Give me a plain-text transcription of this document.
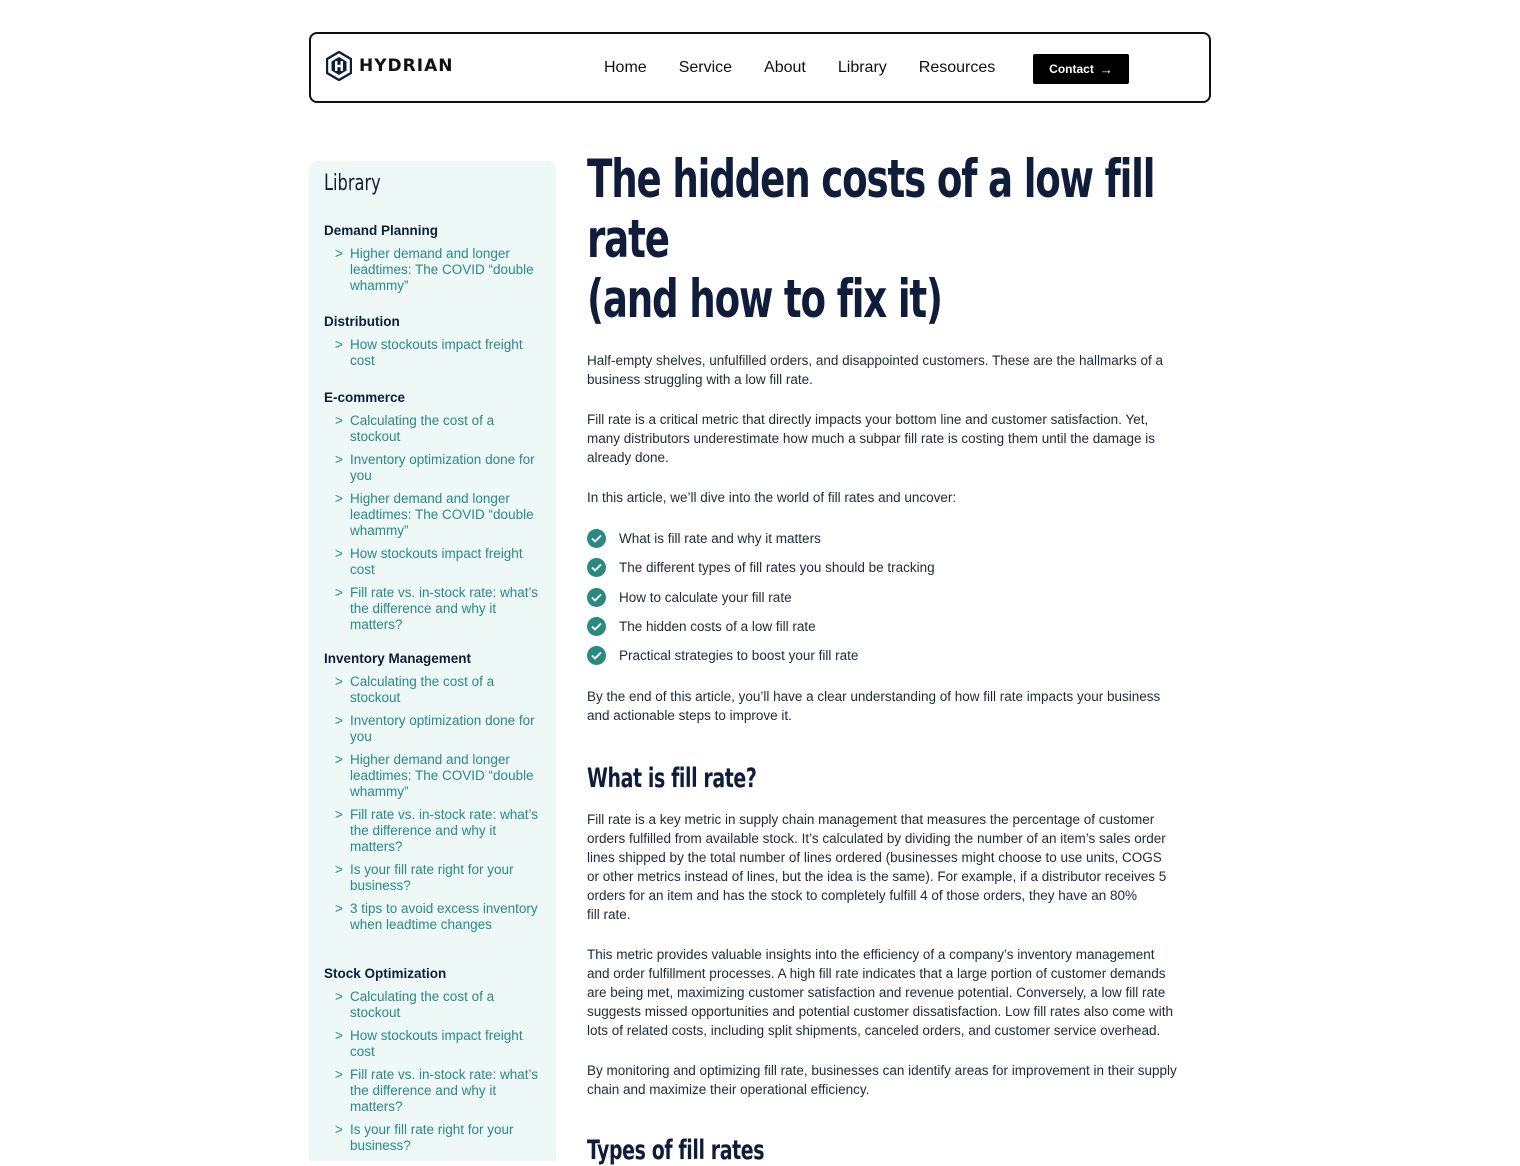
HYDRIAN	Home Service About Library Resources	Contact →
Library
Demand Planning
> Higher demand and longer leadtimes: The COVID “double whammy”
Distribution
> How stockouts impact freight cost
E-commerce
> Calculating the cost of a stockout
> Inventory optimization done for you
> Higher demand and longer leadtimes: The COVID “double whammy”
> How stockouts impact freight cost
> Fill rate vs. in-stock rate: what’s the difference and why it matters?
Inventory Management
> Calculating the cost of a stockout
> Inventory optimization done for you
> Higher demand and longer leadtimes: The COVID “double whammy”
> Fill rate vs. in-stock rate: what’s the difference and why it matters?
> Is your fill rate right for your business?
> 3 tips to avoid excess inventory when leadtime changes
Stock Optimization
> Calculating the cost of a stockout
> How stockouts impact freight cost
> Fill rate vs. in-stock rate: what’s the difference and why it matters?
> Is your fill rate right for your business?
The hidden costs of a low fill rate
(and how to fix it)

Half-empty shelves, unfulfilled orders, and disappointed customers. These are the hallmarks of a business struggling with a low fill rate.

Fill rate is a critical metric that directly impacts your bottom line and customer satisfaction. Yet, many distributors underestimate how much a subpar fill rate is costing them until the damage is already done.

In this article, we’ll dive into the world of fill rates and uncover:

What is fill rate and why it matters
The different types of fill rates you should be tracking
How to calculate your fill rate
The hidden costs of a low fill rate
Practical strategies to boost your fill rate

By the end of this article, you’ll have a clear understanding of how fill rate impacts your business and actionable steps to improve it.

What is fill rate?

Fill rate is a key metric in supply chain management that measures the percentage of customer orders fulfilled from available stock. It’s calculated by dividing the number of an item’s sales order lines shipped by the total number of lines ordered (businesses might choose to use units, COGS or other metrics instead of lines, but the idea is the same). For example, if a distributor receives 5 orders for an item and has the stock to completely fulfill 4 of those orders, they have an 80%
fill rate.

This metric provides valuable insights into the efficiency of a company’s inventory management and order fulfillment processes. A high fill rate indicates that a large portion of customer demands are being met, maximizing customer satisfaction and revenue potential. Conversely, a low fill rate suggests missed opportunities and potential customer dissatisfaction. Low fill rates also come with lots of related costs, including split shipments, canceled orders, and customer service overhead.

By monitoring and optimizing fill rate, businesses can identify areas for improvement in their supply chain and maximize their operational efficiency.

Types of fill rates
